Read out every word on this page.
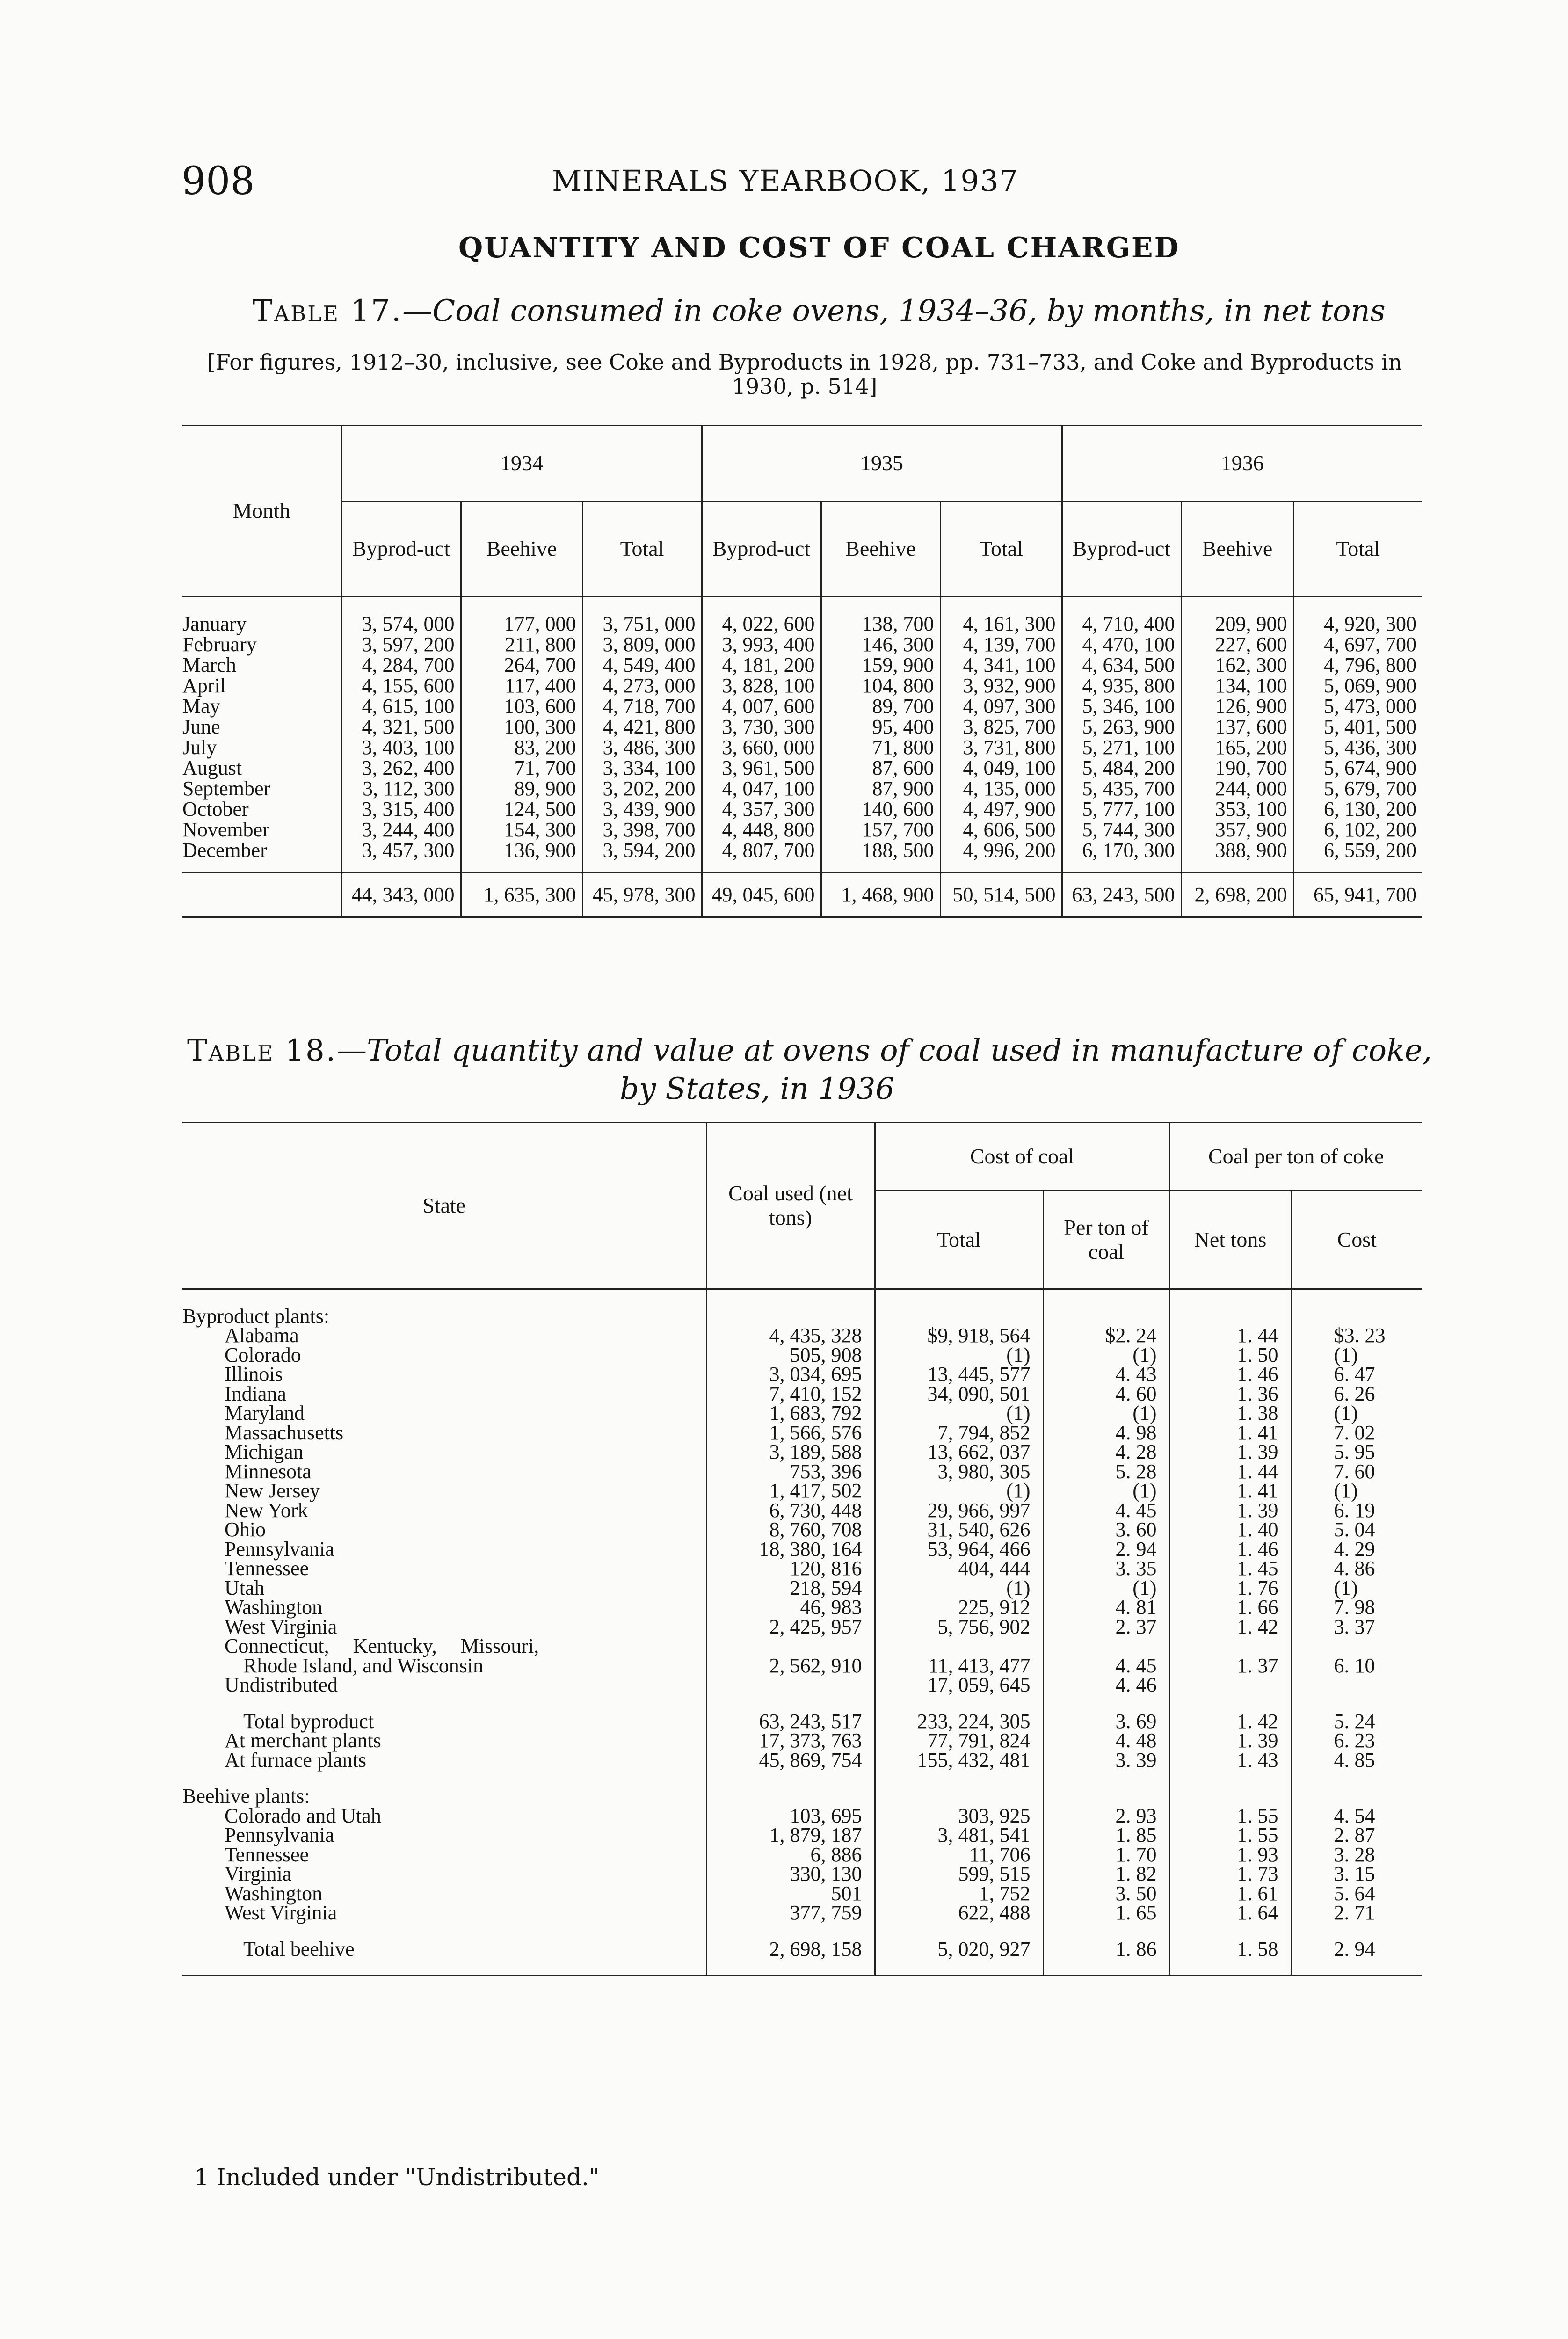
908	MINERALS YEARBOOK, 1937
QUANTITY AND COST OF COAL CHARGED
Table 17.—Coal consumed in coke ovens, 1934–36, by months, in net tons
[For figures, 1912–30, inclusive, see Coke and Byproducts in 1928, pp. 731–733, and Coke and Byproducts in 1930, p. 514]
Month	1934			1935			1936		
	Byprod-uct	Beehive	Total	Byprod-uct	Beehive	Total	Byprod-uct	Beehive	Total
January	3, 574, 000	177, 000	3, 751, 000	4, 022, 600	138, 700	4, 161, 300	4, 710, 400	209, 900	4, 920, 300
February	3, 597, 200	211, 800	3, 809, 000	3, 993, 400	146, 300	4, 139, 700	4, 470, 100	227, 600	4, 697, 700
March	4, 284, 700	264, 700	4, 549, 400	4, 181, 200	159, 900	4, 341, 100	4, 634, 500	162, 300	4, 796, 800
April	4, 155, 600	117, 400	4, 273, 000	3, 828, 100	104, 800	3, 932, 900	4, 935, 800	134, 100	5, 069, 900
May	4, 615, 100	103, 600	4, 718, 700	4, 007, 600	89, 700	4, 097, 300	5, 346, 100	126, 900	5, 473, 000
June	4, 321, 500	100, 300	4, 421, 800	3, 730, 300	95, 400	3, 825, 700	5, 263, 900	137, 600	5, 401, 500
July	3, 403, 100	83, 200	3, 486, 300	3, 660, 000	71, 800	3, 731, 800	5, 271, 100	165, 200	5, 436, 300
August	3, 262, 400	71, 700	3, 334, 100	3, 961, 500	87, 600	4, 049, 100	5, 484, 200	190, 700	5, 674, 900
September	3, 112, 300	89, 900	3, 202, 200	4, 047, 100	87, 900	4, 135, 000	5, 435, 700	244, 000	5, 679, 700
October	3, 315, 400	124, 500	3, 439, 900	4, 357, 300	140, 600	4, 497, 900	5, 777, 100	353, 100	6, 130, 200
November	3, 244, 400	154, 300	3, 398, 700	4, 448, 800	157, 700	4, 606, 500	5, 744, 300	357, 900	6, 102, 200
December	3, 457, 300	136, 900	3, 594, 200	4, 807, 700	188, 500	4, 996, 200	6, 170, 300	388, 900	6, 559, 200
	44, 343, 000	1, 635, 300	45, 978, 300	49, 045, 600	1, 468, 900	50, 514, 500	63, 243, 500	2, 698, 200	65, 941, 700
Table 18.—Total quantity and value at ovens of coal used in manufacture of coke,
by States, in 1936
State	Coal used (net tons)	Cost of coal		Coal per ton of coke	
		Total	Per ton of coal	Net tons	Cost

Byproduct plants:					
Alabama	4, 435, 328	$9, 918, 564	$2. 24	1. 44	$3. 23
Colorado	505, 908	(1)	(1)	1. 50	(1)
Illinois	3, 034, 695	13, 445, 577	4. 43	1. 46	6. 47
Indiana	7, 410, 152	34, 090, 501	4. 60	1. 36	6. 26
Maryland	1, 683, 792	(1)	(1)	1. 38	(1)
Massachusetts	1, 566, 576	7, 794, 852	4. 98	1. 41	7. 02
Michigan	3, 189, 588	13, 662, 037	4. 28	1. 39	5. 95
Minnesota	753, 396	3, 980, 305	5. 28	1. 44	7. 60
New Jersey	1, 417, 502	(1)	(1)	1. 41	(1)
New York	6, 730, 448	29, 966, 997	4. 45	1. 39	6. 19
Ohio	8, 760, 708	31, 540, 626	3. 60	1. 40	5. 04
Pennsylvania	18, 380, 164	53, 964, 466	2. 94	1. 46	4. 29
Tennessee	120, 816	404, 444	3. 35	1. 45	4. 86
Utah	218, 594	(1)	(1)	1. 76	(1)
Washington	46, 983	225, 912	4. 81	1. 66	7. 98
West Virginia	2, 425, 957	5, 756, 902	2. 37	1. 42	3. 37
Connecticut, Kentucky, Missouri,					
Rhode Island, and Wisconsin	2, 562, 910	11, 413, 477	4. 45	1. 37	6. 10
Undistributed		17, 059, 645	4. 46		

Total byproduct	63, 243, 517	233, 224, 305	3. 69	1. 42	5. 24
At merchant plants	17, 373, 763	77, 791, 824	4. 48	1. 39	6. 23
At furnace plants	45, 869, 754	155, 432, 481	3. 39	1. 43	4. 85

Beehive plants:					
Colorado and Utah	103, 695	303, 925	2. 93	1. 55	4. 54
Pennsylvania	1, 879, 187	3, 481, 541	1. 85	1. 55	2. 87
Tennessee	6, 886	11, 706	1. 70	1. 93	3. 28
Virginia	330, 130	599, 515	1. 82	1. 73	3. 15
Washington	501	1, 752	3. 50	1. 61	5. 64
West Virginia	377, 759	622, 488	1. 65	1. 64	2. 71

Total beehive	2, 698, 158	5, 020, 927	1. 86	1. 58	2. 94
1 Included under "Undistributed."
